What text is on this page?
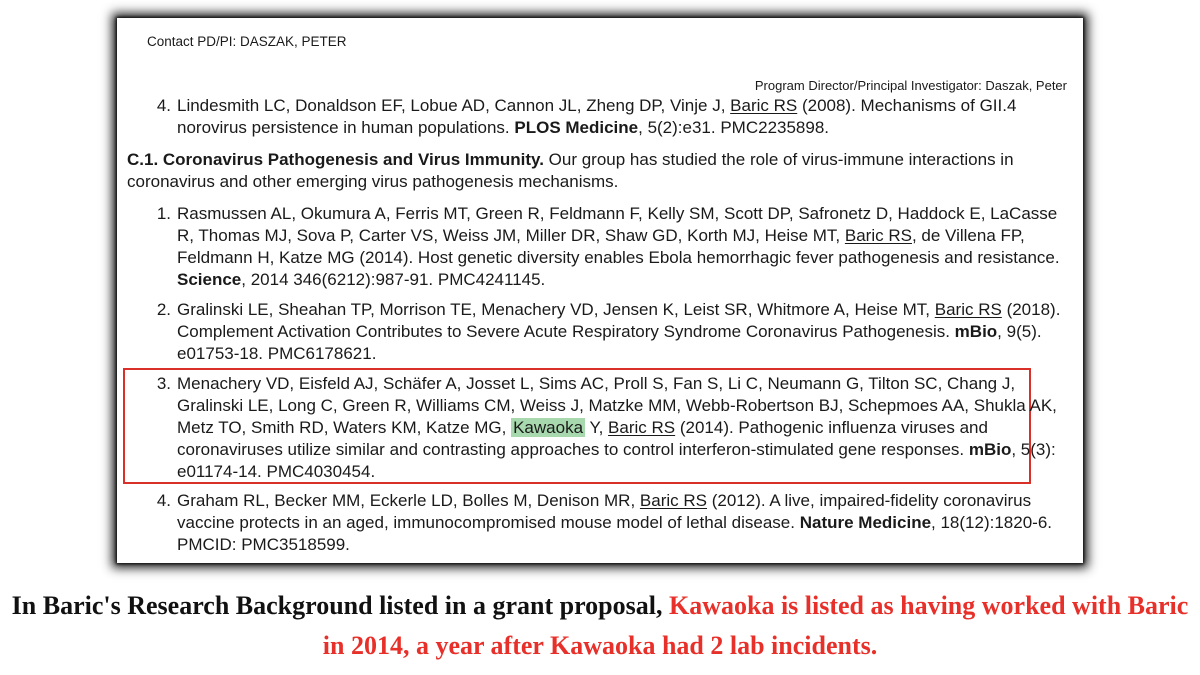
Contact PD/PI: DASZAK, PETER
Program Director/Principal Investigator: Daszak, Peter
4. Lindesmith LC, Donaldson EF, Lobue AD, Cannon JL, Zheng DP, Vinje J, Baric RS (2008). Mechanisms of GII.4 norovirus persistence in human populations. PLOS Medicine, 5(2):e31. PMC2235898.
C.1. Coronavirus Pathogenesis and Virus Immunity. Our group has studied the role of virus-immune interactions in coronavirus and other emerging virus pathogenesis mechanisms.
1. Rasmussen AL, Okumura A, Ferris MT, Green R, Feldmann F, Kelly SM, Scott DP, Safronetz D, Haddock E, LaCasse R, Thomas MJ, Sova P, Carter VS, Weiss JM, Miller DR, Shaw GD, Korth MJ, Heise MT, Baric RS, de Villena FP, Feldmann H, Katze MG (2014). Host genetic diversity enables Ebola hemorrhagic fever pathogenesis and resistance. Science, 2014 346(6212):987-91. PMC4241145.
2. Gralinski LE, Sheahan TP, Morrison TE, Menachery VD, Jensen K, Leist SR, Whitmore A, Heise MT, Baric RS (2018). Complement Activation Contributes to Severe Acute Respiratory Syndrome Coronavirus Pathogenesis. mBio, 9(5). e01753-18. PMC6178621.
3. Menachery VD, Eisfeld AJ, Schäfer A, Josset L, Sims AC, Proll S, Fan S, Li C, Neumann G, Tilton SC, Chang J, Gralinski LE, Long C, Green R, Williams CM, Weiss J, Matzke MM, Webb-Robertson BJ, Schepmoes AA, Shukla AK, Metz TO, Smith RD, Waters KM, Katze MG, Kawaoka Y, Baric RS (2014). Pathogenic influenza viruses and coronaviruses utilize similar and contrasting approaches to control interferon-stimulated gene responses. mBio, 5(3): e01174-14. PMC4030454.
4. Graham RL, Becker MM, Eckerle LD, Bolles M, Denison MR, Baric RS (2012). A live, impaired-fidelity coronavirus vaccine protects in an aged, immunocompromised mouse model of lethal disease. Nature Medicine, 18(12):1820-6. PMCID: PMC3518599.
In Baric's Research Background listed in a grant proposal, Kawaoka is listed as having worked with Baric in 2014, a year after Kawaoka had 2 lab incidents.
